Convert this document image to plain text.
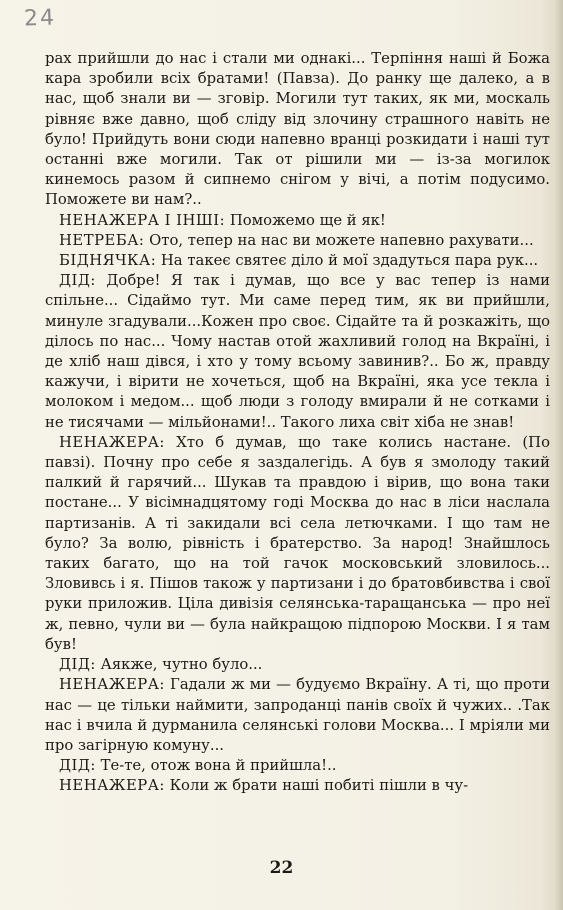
24

рах прийшли до нас і стали ми однакі... Терпіння наші й Божа кара зробили всіх братами! (Павза). До ранку ще далеко, а в нас, щоб знали ви — зговір. Могили тут таких, як ми, москаль рівняє вже давно, щоб сліду від злочину страшного навіть не було! Прийдуть вони сюди напевно вранці розкидати і наші тут останні вже могили. Так от рішили ми — із-за могилок кинемось разом й сипнемо снігом у вічі, а потім подусимо. Поможете ви нам?..

НЕНАЖЕРА І ІНШІ: Поможемо ще й як!

НЕТРЕБА: Ото, тепер на нас ви можете напевно рахувати...

БІДНЯЧКА: На такеє святеє діло й мої здадуться пара рук...

ДІД: Добре! Я так і думав, що все у вас тепер із нами спільне... Сідаймо тут. Ми саме перед тим, як ви прийшли, минуле згадували...Кожен про своє. Сідайте та й розкажіть, що ділось по нас... Чому настав отой жахливий голод на Вкраїні, і де хліб наш дівся, і хто у тому всьому завинив?.. Бо ж, правду кажучи, і вірити не хочеться, щоб на Вкраїні, яка усе текла і молоком і медом... щоб люди з голоду вмирали й не сотками і не тисячами — мільйонами!.. Такого лиха світ хіба не знав!

НЕНАЖЕРА: Хто б думав, що таке колись настане. (По павзі). Почну про себе я заздалегідь. А був я змолоду такий палкий й гарячий... Шукав та правдою і вірив, що вона таки постане... У вісімнадцятому годі Москва до нас в ліси наслала партизанів. А ті закидали всі села летючками. І що там не було? За волю, рівність і братерство. За народ! Знайшлось таких багато, що на той гачок московський зловилось... Зловивсь і я. Пішов також у партизани і до братовбивства і свої руки приложив. Ціла дивізія селянська-таращанська — про неї ж, певно, чули ви — була найкращою підпорою Москви. І я там був!

ДІД: Аякже, чутно було...

НЕНАЖЕРА: Гадали ж ми — будуємо Вкраїну. А ті, що проти нас — це тільки наймити, запроданці панів своїх й чужих.. .Так нас і вчила й дурманила селянські голови Москва... І мріяли ми про загірную комуну...

ДІД: Те-те, отож вона й прийшла!..

НЕНАЖЕРА: Коли ж брати наші побиті пішли в чу-

22
